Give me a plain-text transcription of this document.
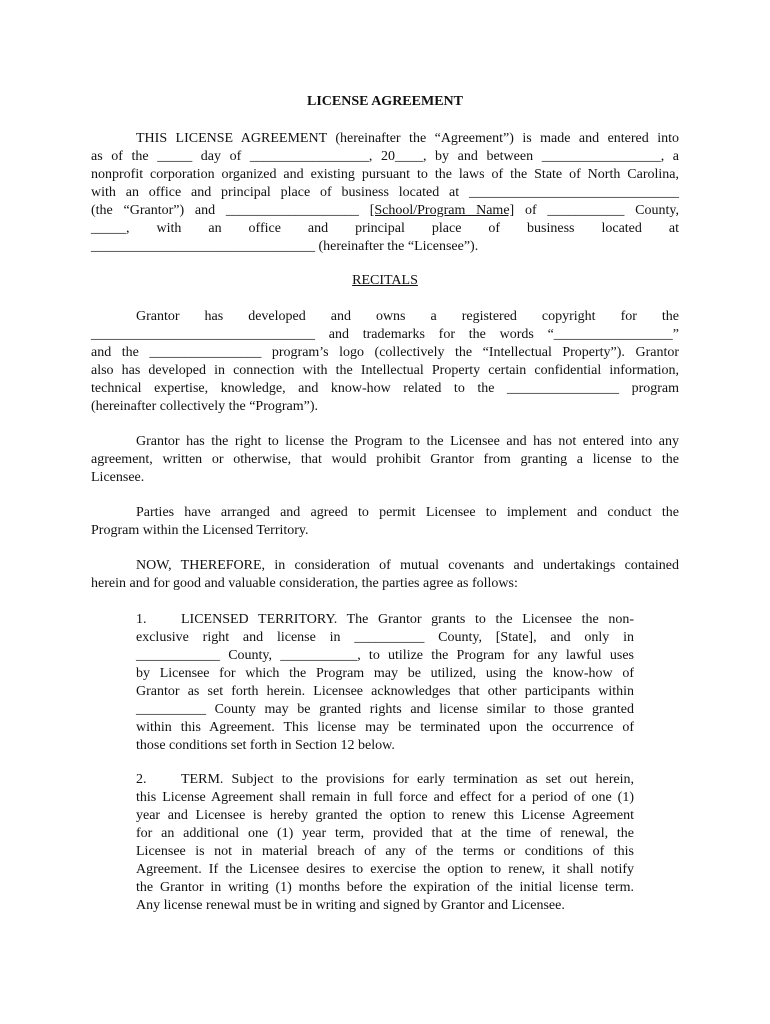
LICENSE AGREEMENT
THIS LICENSE AGREEMENT (hereinafter the “Agreement”) is made and entered into
as of the _____ day of _________________, 20____, by and between _________________, a
nonprofit corporation organized and existing pursuant to the laws of the State of North Carolina,
with an office and principal place of business located at ______________________________
(the “Grantor”) and ___________________ [School/Program Name] of ___________ County,
_____, with an office and principal place of business located at
________________________________ (hereinafter the “Licensee”).
RECITALS
Grantor has developed and owns a registered copyright for the
________________________________ and trademarks for the words “_________________”
and the ________________ program’s logo (collectively the “Intellectual Property”). Grantor
also has developed in connection with the Intellectual Property certain confidential information,
technical expertise, knowledge, and know-how related to the ________________ program
(hereinafter collectively the “Program”).
Grantor has the right to license the Program to the Licensee and has not entered into any
agreement, written or otherwise, that would prohibit Grantor from granting a license to the
Licensee.
Parties have arranged and agreed to permit Licensee to implement and conduct the
Program within the Licensed Territory.
NOW, THEREFORE, in consideration of mutual covenants and undertakings contained
herein and for good and valuable consideration, the parties agree as follows:
1. LICENSED TERRITORY. The Grantor grants to the Licensee the non-
exclusive right and license in __________ County, [State], and only in
____________ County, ___________, to utilize the Program for any lawful uses
by Licensee for which the Program may be utilized, using the know-how of
Grantor as set forth herein. Licensee acknowledges that other participants within
__________ County may be granted rights and license similar to those granted
within this Agreement. This license may be terminated upon the occurrence of
those conditions set forth in Section 12 below.
2. TERM. Subject to the provisions for early termination as set out herein,
this License Agreement shall remain in full force and effect for a period of one (1)
year and Licensee is hereby granted the option to renew this License Agreement
for an additional one (1) year term, provided that at the time of renewal, the
Licensee is not in material breach of any of the terms or conditions of this
Agreement. If the Licensee desires to exercise the option to renew, it shall notify
the Grantor in writing (1) months before the expiration of the initial license term.
Any license renewal must be in writing and signed by Grantor and Licensee.
